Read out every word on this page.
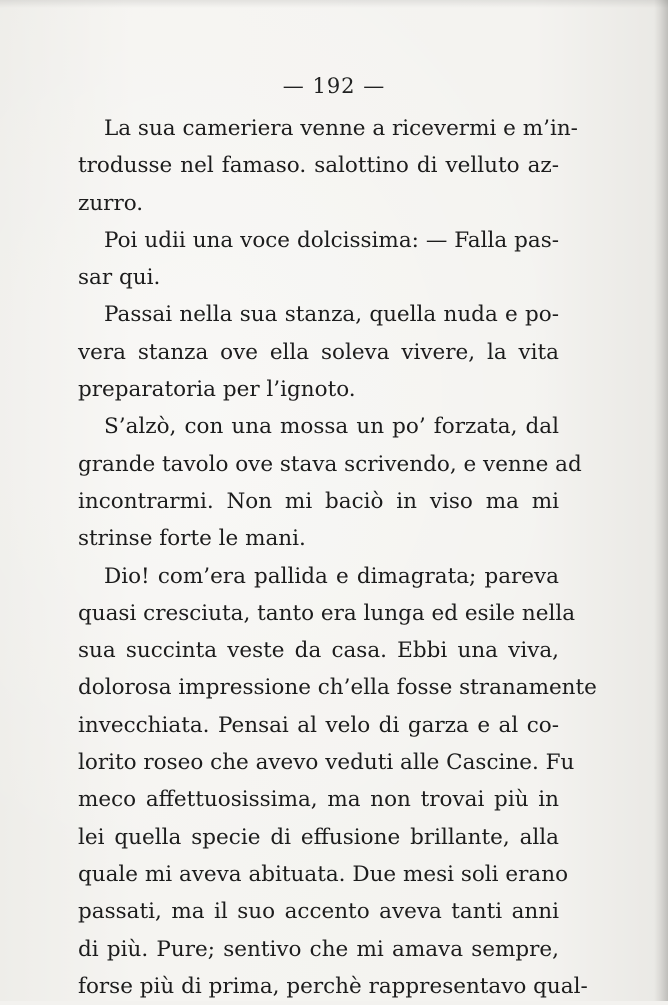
— 192 —
La sua cameriera venne a ricevermi e m’in-
trodusse nel famaso. salottino di velluto az-
zurro.
Poi udii una voce dolcissima: — Falla pas-
sar qui.
Passai nella sua stanza, quella nuda e po-
vera stanza ove ella soleva vivere, la vita
preparatoria per l’ignoto.
S’alzò, con una mossa un po’ forzata, dal
grande tavolo ove stava scrivendo, e venne ad
incontrarmi. Non mi baciò in viso ma mi
strinse forte le mani.
Dio! com’era pallida e dimagrata; pareva
quasi cresciuta, tanto era lunga ed esile nella
sua succinta veste da casa. Ebbi una viva,
dolorosa impressione ch’ella fosse stranamente
invecchiata. Pensai al velo di garza e al co-
lorito roseo che avevo veduti alle Cascine. Fu
meco affettuosissima, ma non trovai più in
lei quella specie di effusione brillante, alla
quale mi aveva abituata. Due mesi soli erano
passati, ma il suo accento aveva tanti anni
di più. Pure; sentivo che mi amava sempre,
forse più di prima, perchè rappresentavo qual-
